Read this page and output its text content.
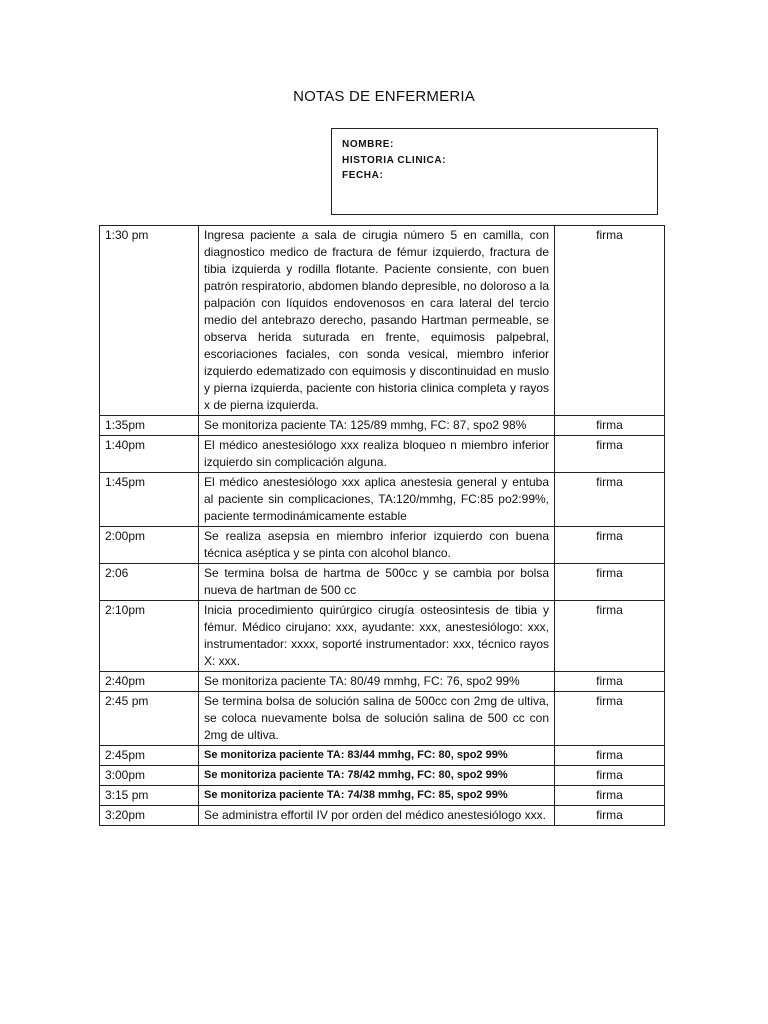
NOTAS DE ENFERMERIA
NOMBRE:
HISTORIA CLINICA:
FECHA:
1:30 pm	Ingresa paciente a sala de cirugia número 5 en camilla, con diagnostico medico de fractura de fémur izquierdo, fractura de tibia izquierda y rodilla flotante. Paciente consiente, con buen patrón respiratorio, abdomen blando depresible, no doloroso a la palpación con líquidos endovenosos en cara lateral del tercio medio del antebrazo derecho, pasando Hartman permeable, se observa herida suturada en frente, equimosis palpebral, escoriaciones faciales, con sonda vesical, miembro inferior izquierdo edematizado con equimosis y discontinuidad en muslo y pierna izquierda, paciente con historia clinica completa y rayos x de pierna izquierda.	firma
1:35pm	Se monitoriza paciente TA: 125/89 mmhg, FC: 87, spo2 98%	firma
1:40pm	El médico anestesiólogo xxx realiza bloqueo n miembro inferior izquierdo sin complicación alguna.	firma
1:45pm	El médico anestesiólogo xxx aplica anestesia general y entuba al paciente sin complicaciones, TA:120/mmhg, FC:85 po2:99%, paciente termodinámicamente estable	firma
2:00pm	Se realiza asepsia en miembro inferior izquierdo con buena técnica aséptica y se pinta con alcohol blanco.	firma
2:06	Se termina bolsa de hartma de 500cc y se cambia por bolsa nueva de hartman de 500 cc	firma
2:10pm	Inicia procedimiento quirúrgico cirugía osteosintesis de tibia y fémur. Médico cirujano: xxx, ayudante: xxx, anestesiólogo: xxx, instrumentador: xxxx, soporté instrumentador: xxx, técnico rayos X: xxx.	firma
2:40pm	Se monitoriza paciente TA: 80/49 mmhg, FC: 76, spo2 99%	firma
2:45 pm	Se termina bolsa de solución salina de 500cc con 2mg de ultiva, se coloca nuevamente bolsa de solución salina de 500 cc con 2mg de ultiva.	firma
2:45pm	Se monitoriza paciente TA: 83/44 mmhg, FC: 80, spo2 99%	firma
3:00pm	Se monitoriza paciente TA: 78/42 mmhg, FC: 80, spo2 99%	firma
3:15 pm	Se monitoriza paciente TA: 74/38 mmhg, FC: 85, spo2 99%	firma
3:20pm	Se administra effortil IV por orden del médico anestesiólogo xxx.	firma
